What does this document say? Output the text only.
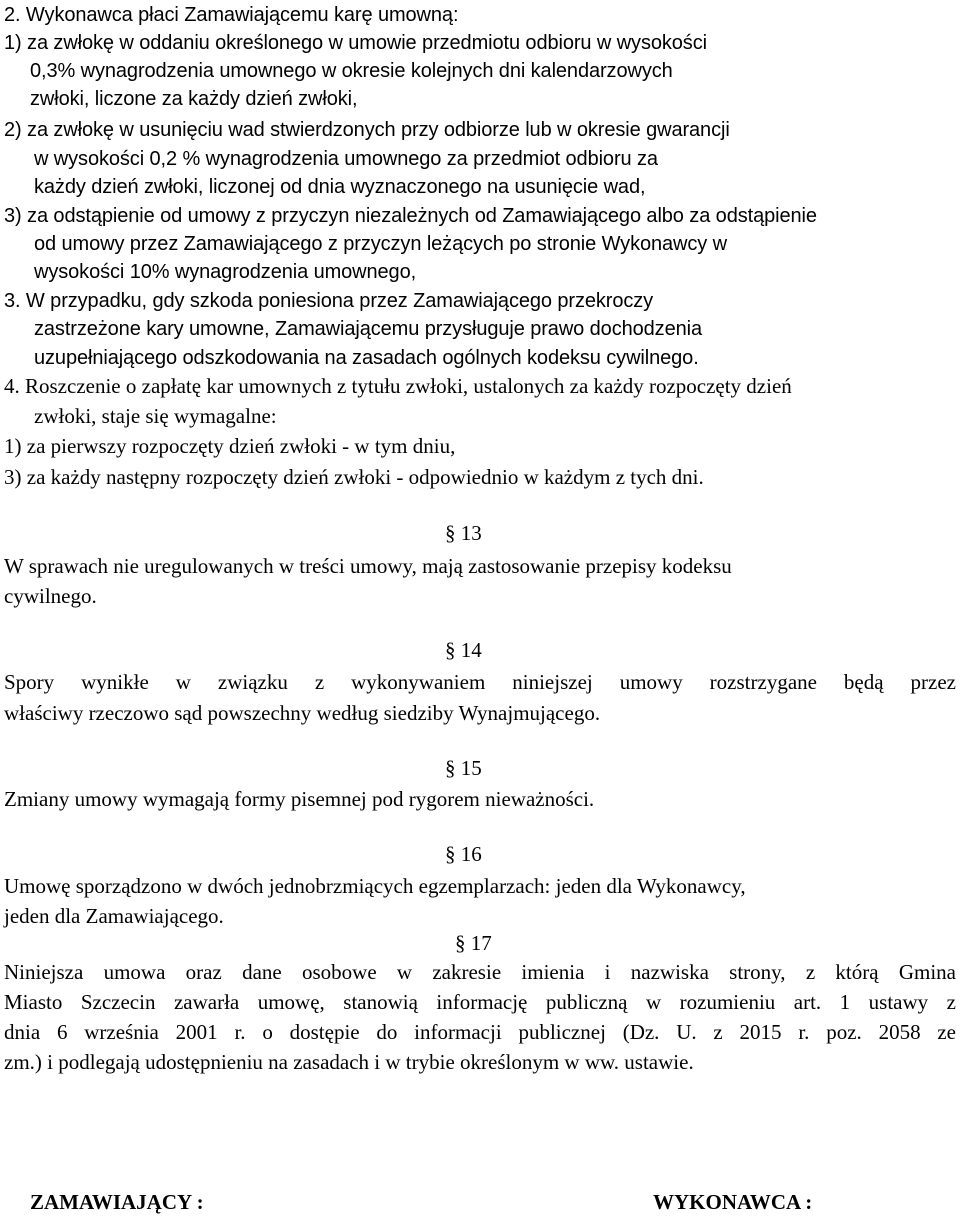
2. Wykonawca płaci Zamawiającemu karę umowną:
1) za zwłokę w oddaniu określonego w umowie przedmiotu odbioru w wysokości
0,3% wynagrodzenia umownego w okresie kolejnych dni kalendarzowych
zwłoki, liczone za każdy dzień zwłoki,
2) za zwłokę w usunięciu wad stwierdzonych przy odbiorze lub w okresie gwarancji
w wysokości 0,2 % wynagrodzenia umownego za przedmiot odbioru za
każdy dzień zwłoki, liczonej od dnia wyznaczonego na usunięcie wad,
3) za odstąpienie od umowy z przyczyn niezależnych od Zamawiającego albo za odstąpienie
od umowy przez Zamawiającego z przyczyn leżących po stronie Wykonawcy w
wysokości 10% wynagrodzenia umownego,
3. W przypadku, gdy szkoda poniesiona przez Zamawiającego przekroczy
zastrzeżone kary umowne, Zamawiającemu przysługuje prawo dochodzenia
uzupełniającego odszkodowania na zasadach ogólnych kodeksu cywilnego.
4. Roszczenie o zapłatę kar umownych z tytułu zwłoki, ustalonych za każdy rozpoczęty dzień
zwłoki, staje się wymagalne:
1) za pierwszy rozpoczęty dzień zwłoki - w tym dniu,
3) za każdy następny rozpoczęty dzień zwłoki - odpowiednio w każdym z tych dni.
§ 13
W sprawach nie uregulowanych w treści umowy, mają zastosowanie przepisy kodeksu
cywilnego.
§ 14
Spory wynikłe w związku z wykonywaniem niniejszej umowy rozstrzygane będą przez
właściwy rzeczowo sąd powszechny według siedziby Wynajmującego.
§ 15
Zmiany umowy wymagają formy pisemnej pod rygorem nieważności.
§ 16
Umowę sporządzono w dwóch jednobrzmiących egzemplarzach: jeden dla Wykonawcy,
jeden dla Zamawiającego.
§ 17
Niniejsza umowa oraz dane osobowe w zakresie imienia i nazwiska strony, z którą Gmina
Miasto Szczecin zawarła umowę, stanowią informację publiczną w rozumieniu art. 1 ustawy z
dnia 6 września 2001 r. o dostępie do informacji publicznej (Dz. U. z 2015 r. poz. 2058 ze
zm.) i podlegają udostępnieniu na zasadach i w trybie określonym w ww. ustawie.
ZAMAWIAJĄCY :	WYKONAWCA :
